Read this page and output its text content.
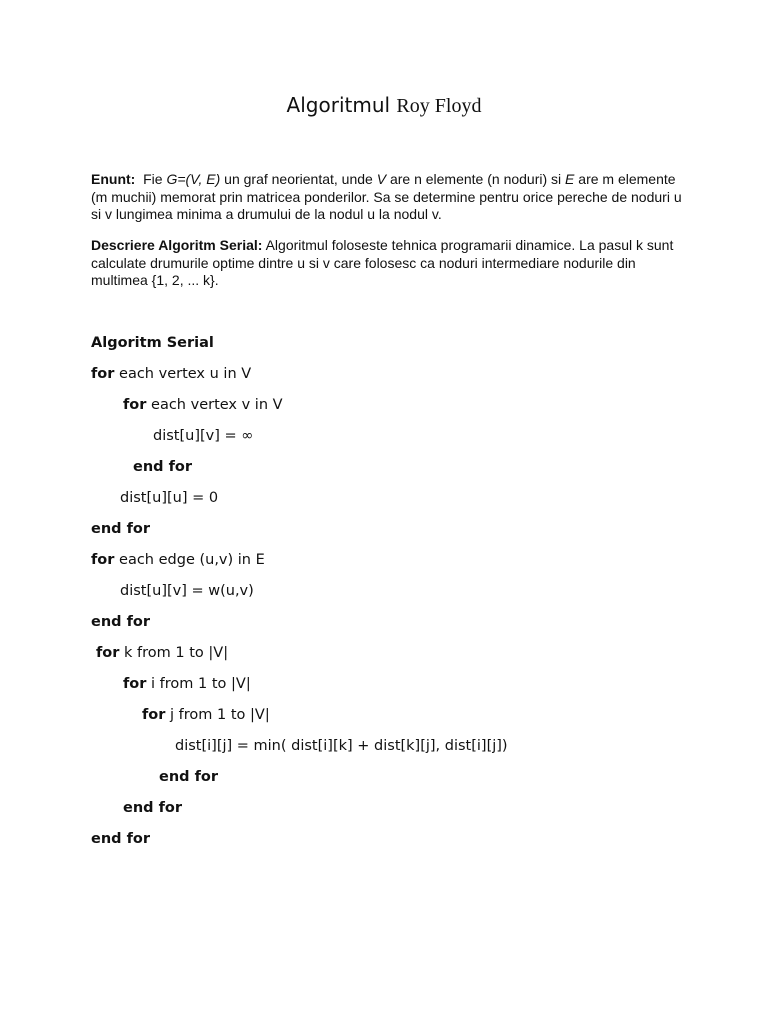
Algoritmul Roy Floyd

Enunt: Fie G=(V, E) un graf neorientat, unde V are n elemente (n noduri) si E are m elemente (m muchii) memorat prin matricea ponderilor. Sa se determine pentru orice pereche de noduri u si v lungimea minima a drumului de la nodul u la nodul v.

Descriere Algoritm Serial: Algoritmul foloseste tehnica programarii dinamice. La pasul k sunt calculate drumurile optime dintre u si v care folosesc ca noduri intermediare nodurile din multimea {1, 2, ... k}.

Algoritm Serial
for each vertex u in V
for each vertex v in V
dist[u][v] = ∞
end for
dist[u][u] = 0
end for
for each edge (u,v) in E
dist[u][v] = w(u,v)
end for
for k from 1 to |V|
for i from 1 to |V|
for j from 1 to |V|
dist[i][j] = min( dist[i][k] + dist[k][j], dist[i][j])
end for
end for
end for
